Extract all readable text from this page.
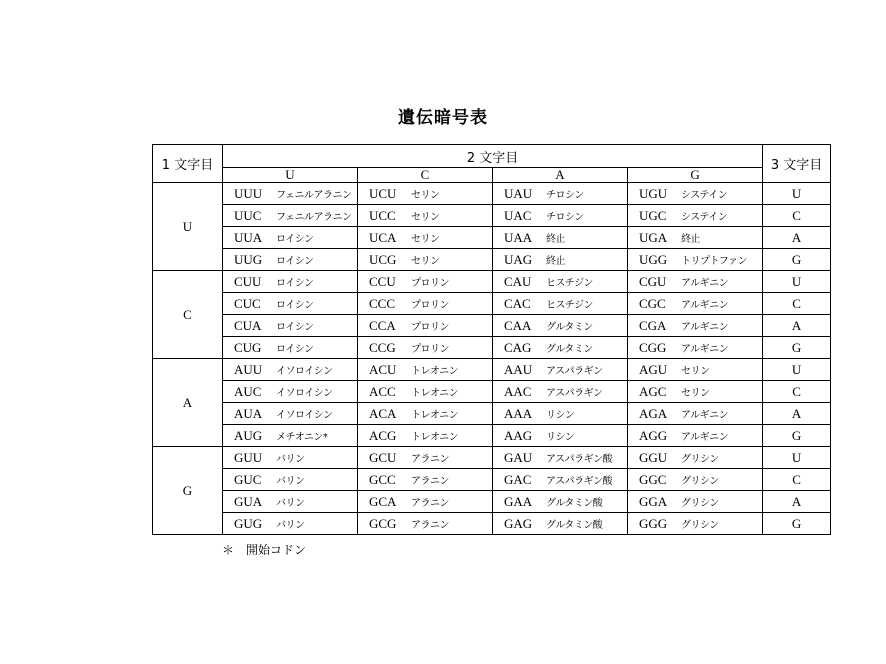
遺伝暗号表
1 文字目	2 文字目				3 文字目
	U	C	A	G	
U	UUU フェニルアラニン	UCU セリン	UAU チロシン	UGU システイン	U
	UUC フェニルアラニン	UCC セリン	UAC チロシン	UGC システイン	C
	UUA ロイシン	UCA セリン	UAA 終止	UGA 終止	A
	UUG ロイシン	UCG セリン	UAG 終止	UGG トリプトファン	G
C	CUU ロイシン	CCU プロリン	CAU ヒスチジン	CGU アルギニン	U
	CUC ロイシン	CCC プロリン	CAC ヒスチジン	CGC アルギニン	C
	CUA ロイシン	CCA プロリン	CAA グルタミン	CGA アルギニン	A
	CUG ロイシン	CCG プロリン	CAG グルタミン	CGG アルギニン	G
A	AUU イソロイシン	ACU トレオニン	AAU アスパラギン	AGU セリン	U
	AUC イソロイシン	ACC トレオニン	AAC アスパラギン	AGC セリン	C
	AUA イソロイシン	ACA トレオニン	AAA リシン	AGA アルギニン	A
	AUG メチオニン*	ACG トレオニン	AAG リシン	AGG アルギニン	G
G	GUU バリン	GCU アラニン	GAU アスパラギン酸	GGU グリシン	U
	GUC バリン	GCC アラニン	GAC アスパラギン酸	GGC グリシン	C
	GUA バリン	GCA アラニン	GAA グルタミン酸	GGA グリシン	A
	GUG バリン	GCG アラニン	GAG グルタミン酸	GGG グリシン	G
＊　開始コドン
